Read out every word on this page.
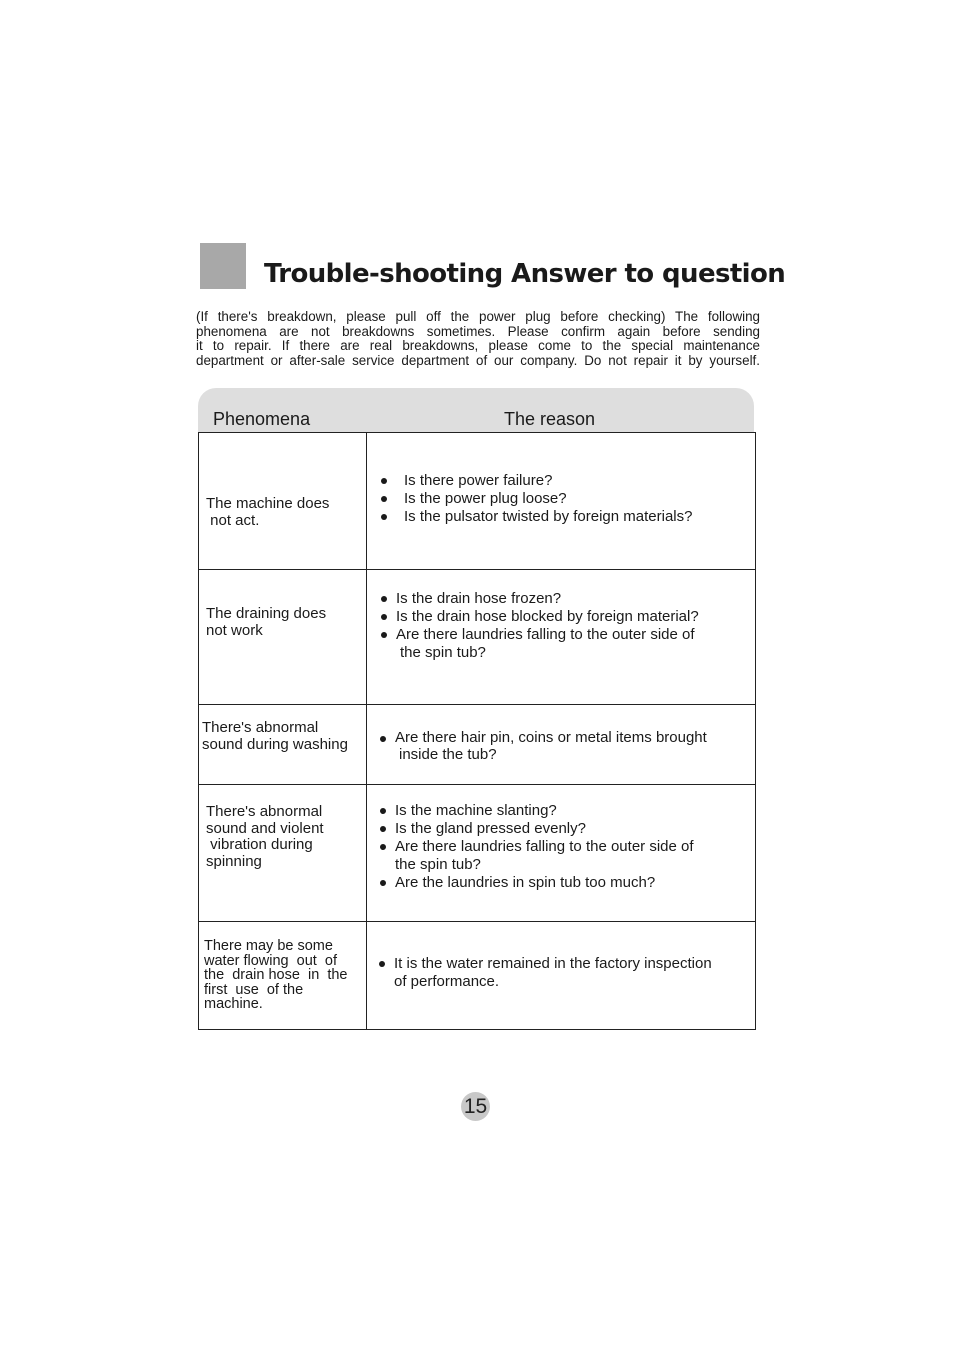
Trouble-shooting Answer to question

(If there's breakdown, please pull off the power plug before checking) The following
phenomena are not breakdowns sometimes. Please confirm again before sending
it to repair. If there are real breakdowns, please come to the special maintenance
department or after-sale service department of our company. Do not repair it by yourself.

Phenomena	The reason
The machine does
not act.
Is there power failure?
Is the power plug loose?
Is the pulsator twisted by foreign materials?
The draining does
not work
Is the drain hose frozen?
Is the drain hose blocked by foreign material?
Are there laundries falling to the outer side of
the spin tub?
There's abnormal
sound during washing	Are there hair pin, coins or metal items brought
inside the tub?
There's abnormal
sound and violent
vibration during
spinning
Is the machine slanting?
Is the gland pressed evenly?
Are there laundries falling to the outer side of
the spin tub?
Are the laundries in spin tub too much?
There may be some
water flowing  out  of
the  drain hose  in  the
first  use  of the
machine.
It is the water remained in the factory inspection
of performance.
15
